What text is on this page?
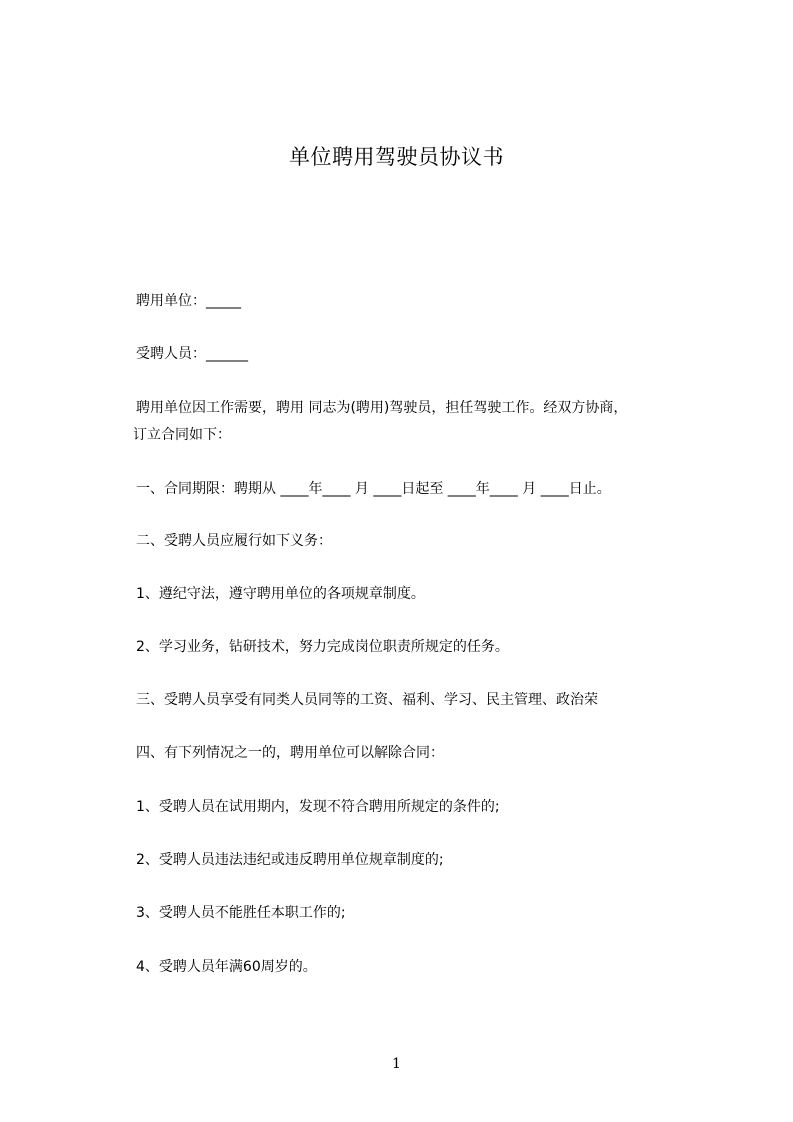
单位聘用驾驶员协议书
聘用单位：_____
受聘人员：______
聘用单位因工作需要，聘用 同志为(聘用)驾驶员，担任驾驶工作。经双方协商，
订立合同如下：
一、合同期限：聘期从 ____年____ 月 ____日起至 ____年____ 月 ____日止。
二、受聘人员应履行如下义务：
1、遵纪守法，遵守聘用单位的各项规章制度。
2、学习业务，钻研技术，努力完成岗位职责所规定的任务。
三、受聘人员享受有同类人员同等的工资、福利、学习、民主管理、政治荣
四、有下列情况之一的，聘用单位可以解除合同：
1、受聘人员在试用期内，发现不符合聘用所规定的条件的;
2、受聘人员违法违纪或违反聘用单位规章制度的;
3、受聘人员不能胜任本职工作的;
4、受聘人员年满60周岁的。
1
